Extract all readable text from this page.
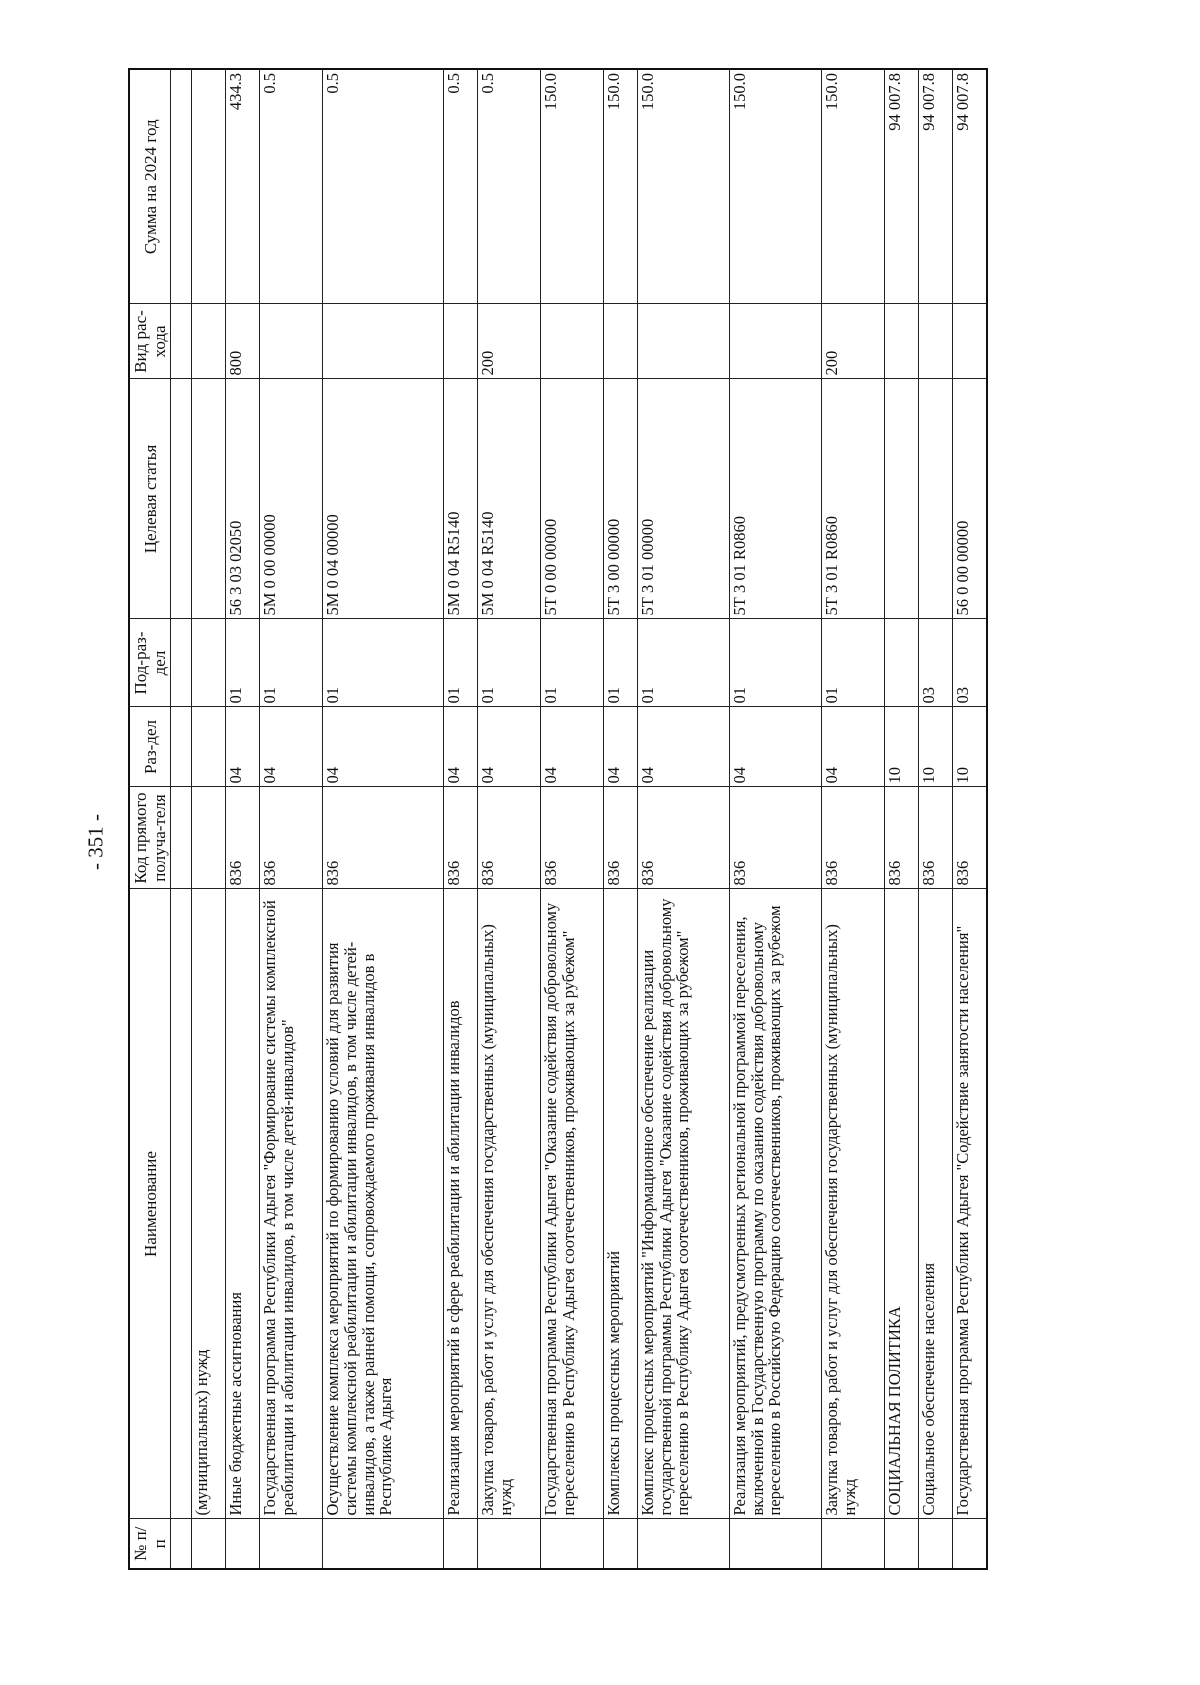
- 351 -
№ п/п	Наименование	Код прямого получа-теля	Раз-дел	Под-раз-дел	Целевая статья	Вид рас-хода	Сумма на 2024 год

	(муниципальных) нужд						
	Иные бюджетные ассигнования	836	04	01	56 3 03 02050	800	434.3
	Государственная программа Республики Адыгея "Формирование системы комплексной реабилитации и абилитации инвалидов, в том числе детей-инвалидов"	836	04	01	5М 0 00 00000		0.5
	Осуществление комплекса мероприятий по формированию условий для развития системы комплексной реабилитации и абилитации инвалидов, в том числе детей-инвалидов, а также ранней помощи, сопровождаемого проживания инвалидов в Республике Адыгея	836	04	01	5М 0 04 00000		0.5
	Реализация мероприятий в сфере реабилитации и абилитации инвалидов	836	04	01	5М 0 04 R5140		0.5
	Закупка товаров, работ и услуг для обеспечения государственных (муниципальных) нужд	836	04	01	5М 0 04 R5140	200	0.5
	Государственная программа Республики Адыгея "Оказание содействия добровольному переселению в Республику Адыгея соотечественников, проживающих за рубежом"	836	04	01	5Т 0 00 00000		150.0
	Комплексы процессных мероприятий	836	04	01	5Т 3 00 00000		150.0
	Комплекс процессных мероприятий "Информационное обеспечение реализации государственной программы Республики Адыгея "Оказание содействия добровольному переселению в Республику Адыгея соотечественников, проживающих за рубежом"	836	04	01	5Т 3 01 00000		150.0
	Реализация мероприятий, предусмотренных региональной программой переселения, включенной в Государственную программу по оказанию содействия добровольному переселению в Российскую Федерацию соотечественников, проживающих за рубежом	836	04	01	5Т 3 01 R0860		150.0
	Закупка товаров, работ и услуг для обеспечения государственных (муниципальных) нужд	836	04	01	5Т 3 01 R0860	200	150.0
	СОЦИАЛЬНАЯ ПОЛИТИКА	836	10				94 007.8
	Социальное обеспечение населения	836	10	03			94 007.8
	Государственная программа Республики Адыгея "Содействие занятости населения"	836	10	03	56 0 00 00000		94 007.8
